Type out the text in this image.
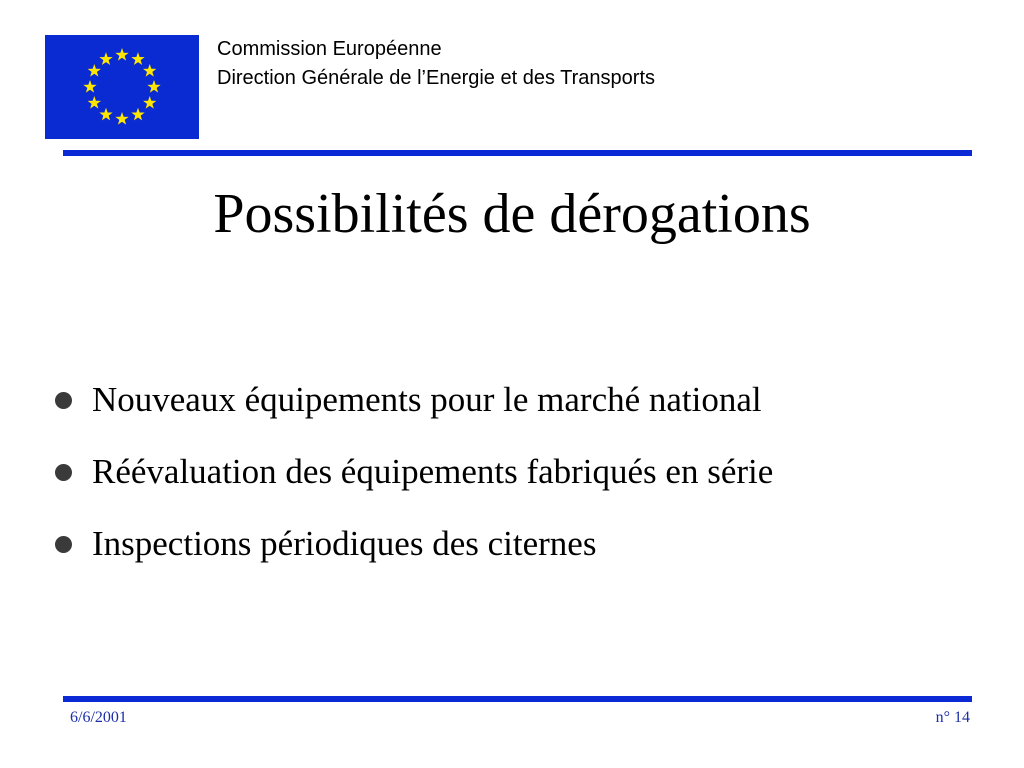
Commission Européenne
Direction Générale de l’Energie et des Transports
Possibilités de dérogations
Nouveaux équipements pour le marché national
Réévaluation des équipements fabriqués en série
Inspections périodiques des citernes
6/6/2001	n° 14
